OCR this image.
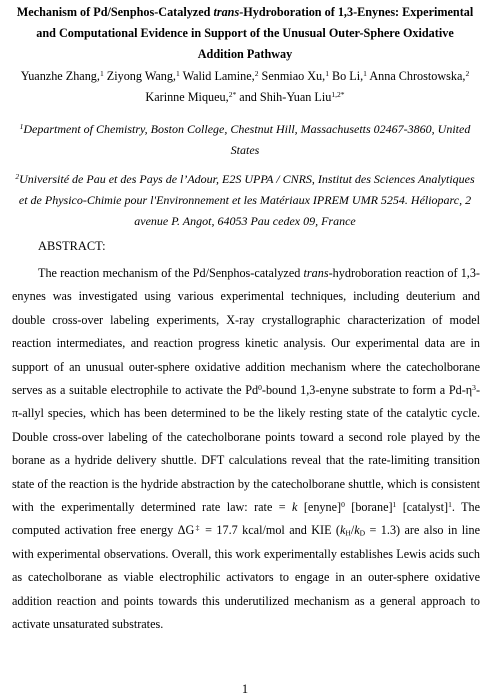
Mechanism of Pd/Senphos-Catalyzed trans-Hydroboration of 1,3-Enynes: Experimental and Computational Evidence in Support of the Unusual Outer-Sphere Oxidative Addition Pathway
Yuanzhe Zhang,$^1$ Ziyong Wang,$^1$ Walid Lamine,$^2$ Senmiao Xu,$^1$ Bo Li,$^1$ Anna Chrostowska,$^2$
Karinne Miqueu,$^{2*}$ and Shih-Yuan Liu$^{1,2*}$
$^1$Department of Chemistry, Boston College, Chestnut Hill, Massachusetts 02467-3860, United States
$^2$Université de Pau et des Pays de l’Adour, E2S UPPA / CNRS, Institut des Sciences Analytiques et de Physico-Chimie pour l'Environnement et les Matériaux IPREM UMR 5254. Hélioparc, 2 avenue P. Angot, 64053 Pau cedex 09, France
ABSTRACT:

The reaction mechanism of the Pd/Senphos-catalyzed trans-hydroboration reaction of 1,3-enynes was investigated using various experimental techniques, including deuterium and double cross-over labeling experiments, X-ray crystallographic characterization of model reaction intermediates, and reaction progress kinetic analysis. Our experimental data are in support of an unusual outer-sphere oxidative addition mechanism where the catecholborane serves as a suitable electrophile to activate the Pd$^0$-bound 1,3-enyne substrate to form a $Pd-\eta^3-\pi$-allyl species, which has been determined to be the likely resting state of the catalytic cycle. Double cross-over labeling of the catecholborane points toward a second role played by the borane as a hydride delivery shuttle. DFT calculations reveal that the rate-limiting transition state of the reaction is the hydride abstraction by the catecholborane shuttle, which is consistent with the experimentally determined rate law: rate = k [enyne]$^0$ [borane]$^1$ [catalyst]$^1$. The computed activation free energy ΔG‡ = 17.7 kcal/mol and KIE $(k_H/k_D = 1.3)$ are also in line with experimental observations. Overall, this work experimentally establishes Lewis acids such as catecholborane as viable electrophilic activators to engage in an outer-sphere oxidative addition reaction and points towards this underutilized mechanism as a general approach to activate unsaturated substrates.

1
